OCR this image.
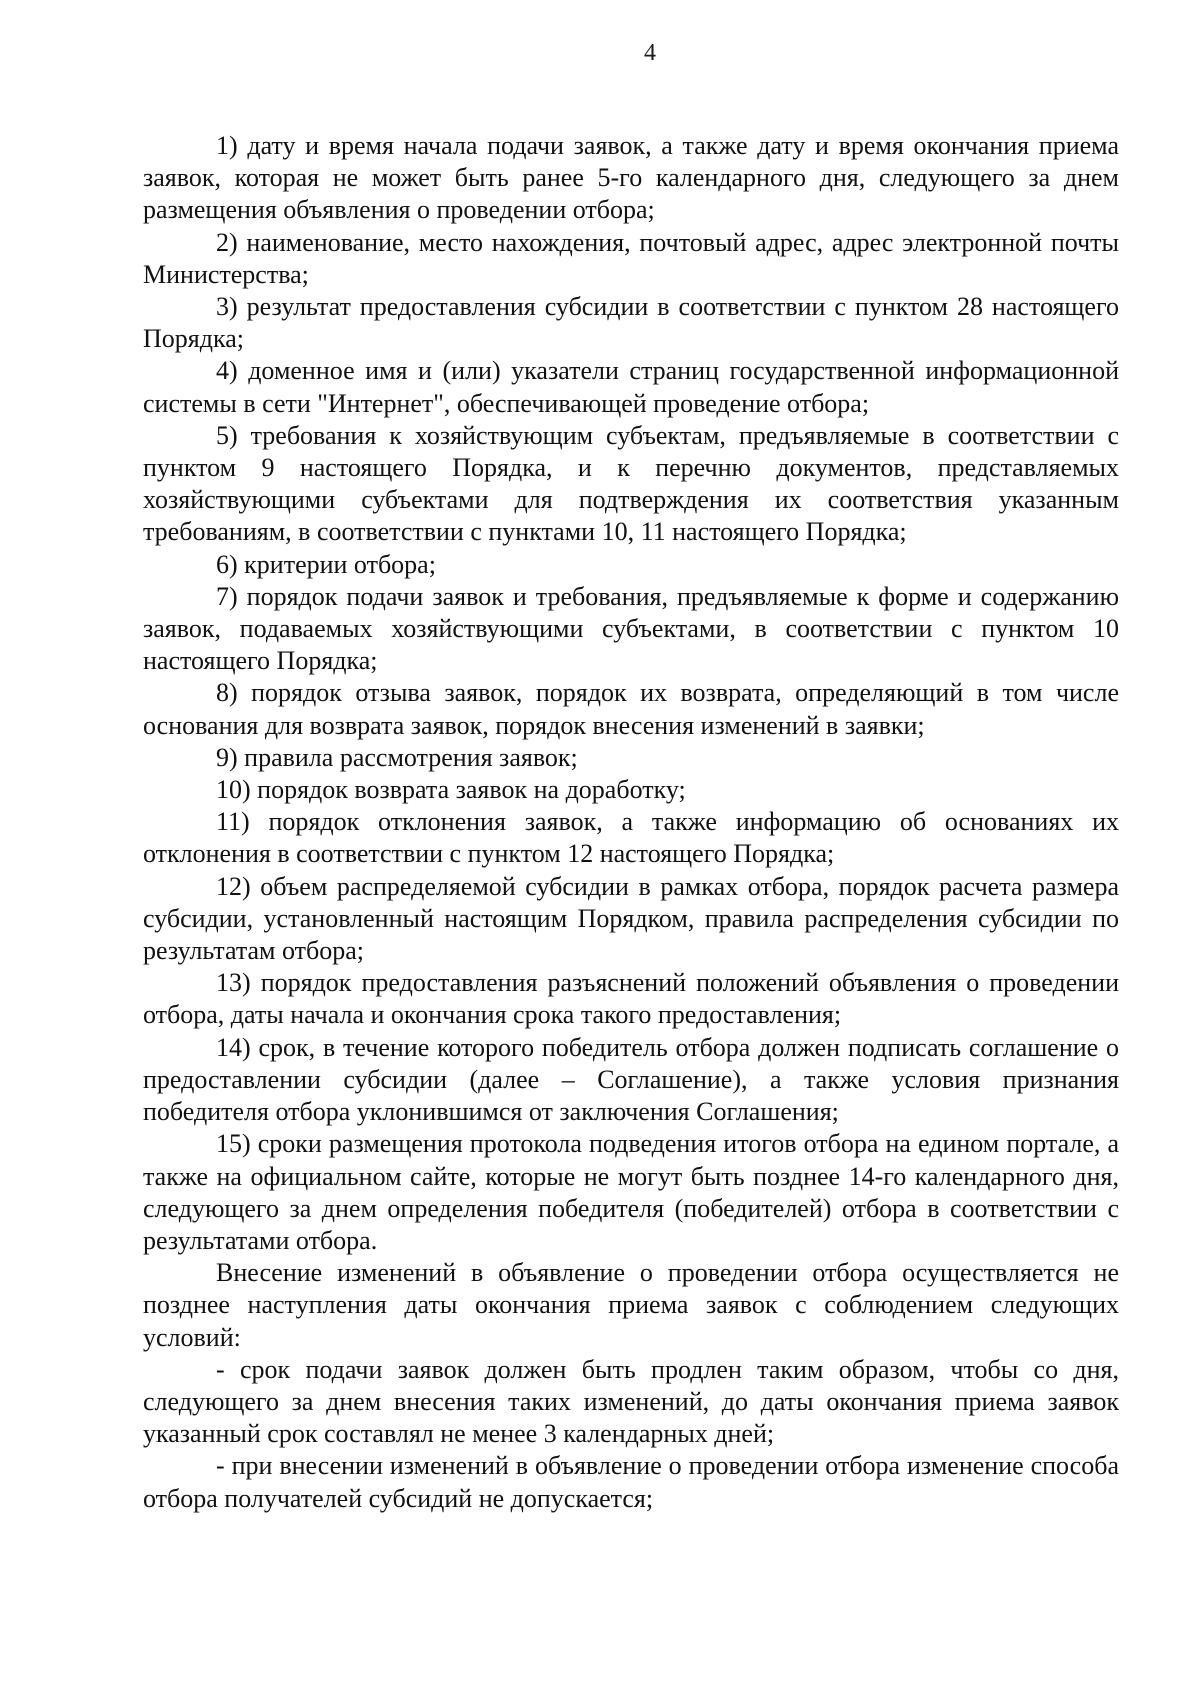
4

1) дату и время начала подачи заявок, а также дату и время окончания приема заявок, которая не может быть ранее 5-го календарного дня, следующего за днем размещения объявления о проведении отбора;

2) наименование, место нахождения, почтовый адрес, адрес электронной почты Министерства;

3) результат предоставления субсидии в соответствии с пунктом 28 настоящего Порядка;

4) доменное имя и (или) указатели страниц государственной информационной системы в сети "Интернет", обеспечивающей проведение отбора;

5) требования к хозяйствующим субъектам, предъявляемые в соответствии с пунктом 9 настоящего Порядка, и к перечню документов, представляемых хозяйствующими субъектами для подтверждения их соответствия указанным требованиям, в соответствии с пунктами 10, 11 настоящего Порядка;

6) критерии отбора;

7) порядок подачи заявок и требования, предъявляемые к форме и содержанию заявок, подаваемых хозяйствующими субъектами, в соответствии с пунктом 10 настоящего Порядка;

8) порядок отзыва заявок, порядок их возврата, определяющий в том числе основания для возврата заявок, порядок внесения изменений в заявки;

9) правила рассмотрения заявок;

10) порядок возврата заявок на доработку;

11) порядок отклонения заявок, а также информацию об основаниях их отклонения в соответствии с пунктом 12 настоящего Порядка;

12) объем распределяемой субсидии в рамках отбора, порядок расчета размера субсидии, установленный настоящим Порядком, правила распределения субсидии по результатам отбора;

13) порядок предоставления разъяснений положений объявления о проведении отбора, даты начала и окончания срока такого предоставления;

14) срок, в течение которого победитель отбора должен подписать соглашение о предоставлении субсидии (далее – Соглашение), а также условия признания победителя отбора уклонившимся от заключения Соглашения;

15) сроки размещения протокола подведения итогов отбора на едином портале, а также на официальном сайте, которые не могут быть позднее 14-го календарного дня, следующего за днем определения победителя (победителей) отбора в соответствии с результатами отбора.

Внесение изменений в объявление о проведении отбора осуществляется не позднее наступления даты окончания приема заявок с соблюдением следующих условий:

- срок подачи заявок должен быть продлен таким образом, чтобы со дня, следующего за днем внесения таких изменений, до даты окончания приема заявок указанный срок составлял не менее 3 календарных дней;

- при внесении изменений в объявление о проведении отбора изменение способа отбора получателей субсидий не допускается;
